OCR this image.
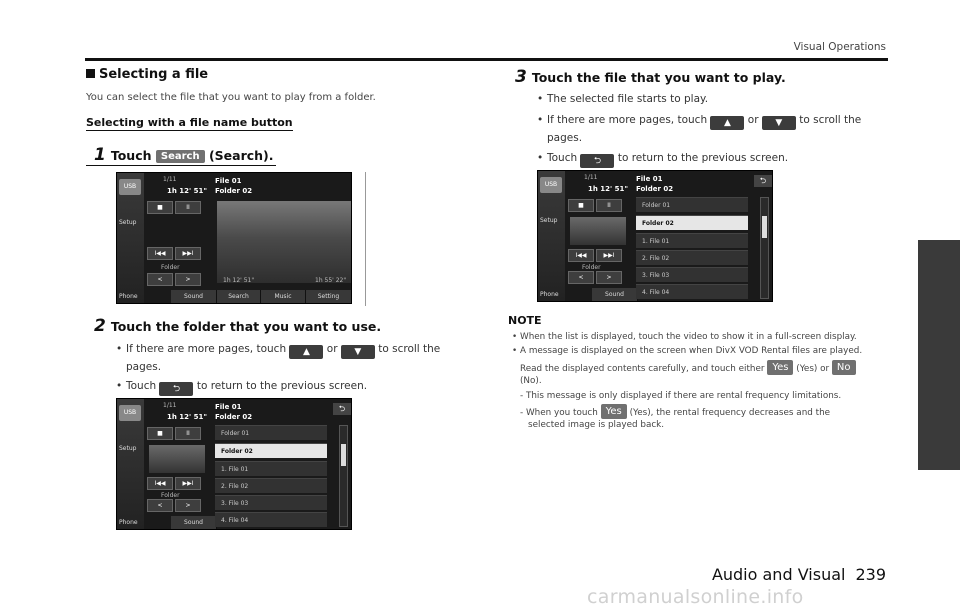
Visual Operations
Selecting a file
You can select the file that you want to play from a folder.
Selecting with a file name button
1 Touch Search (Search).
USB
Setup
Phone
1/11
1h 12' 51"
File 01
Folder 02
■	II
I◀◀	▶▶I
Folder
<	>	1h 12' 51"	1h 55' 22"
Sound	Search	Music	Setting
2 Touch the folder that you want to use.
• If there are more pages, touch ▲ or ▼ to scroll the
pages.
• Touch ⮌ to return to the previous screen.
USB
Setup
Phone
1/11
1h 12' 51"
File 01
Folder 02
■	II
I◀◀	▶▶I
Folder
<	>
Sound
⮌
Folder 01
Folder 02
1. File 01
2. File 02
3. File 03
4. File 04
3 Touch the file that you want to play.
• The selected file starts to play.
• If there are more pages, touch ▲ or ▼ to scroll the
pages.
• Touch ⮌ to return to the previous screen.
USB
Setup
Phone
1/11
1h 12' 51"
File 01
Folder 02
■	II
I◀◀	▶▶I
Folder
<	>
Sound
⮌
Folder 01
Folder 02
1. File 01
2. File 02
3. File 03
4. File 04
NOTE
• When the list is displayed, touch the video to show it in a full-screen display.
• A message is displayed on the screen when DivX VOD Rental files are played.
Read the displayed contents carefully, and touch either Yes (Yes) or No
(No).
- This message is only displayed if there are rental frequency limitations.
- When you touch Yes (Yes), the rental frequency decreases and the
selected image is played back.
Audio and Visual 239
carmanualsonline.info
